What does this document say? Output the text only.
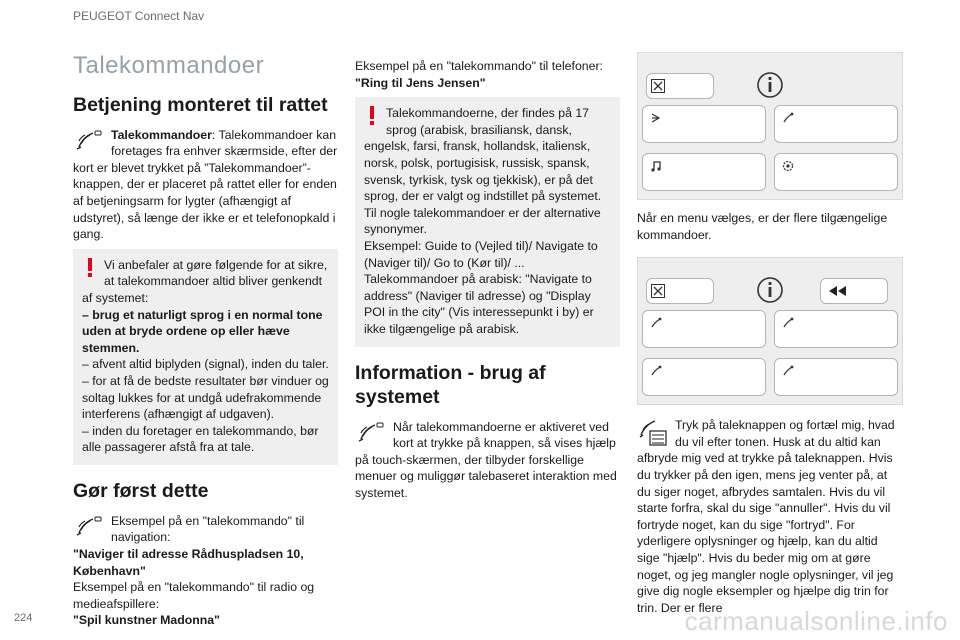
PEUGEOT Connect Nav
Talekommandoer
Betjening monteret til rattet
Talekommandoer: Talekommandoer kan foretages fra enhver skærmside, efter der kort er blevet trykket på ”Talekommandoer”-knappen, der er placeret på rattet eller for enden af betjeningsarm for lygter (afhængigt af udstyret), så længe der ikke er et telefonopkald i gang.
Vi anbefaler at gøre følgende for at sikre, at talekommandoer altid bliver genkendt af systemet:
– brug et naturligt sprog i en normal tone uden at bryde ordene op eller hæve stemmen.
– afvent altid biplyden (signal), inden du taler.
– for at få de bedste resultater bør vinduer og soltag lukkes for at undgå udefrakommende interferens (afhængigt af udgaven).
– inden du foretager en talekommando, bør alle passagerer afstå fra at tale.
Gør først dette
Eksempel på en "talekommando" til navigation:
"Naviger til adresse Rådhuspladsen 10, København"
Eksempel på en "talekommando" til radio og medieafspillere:
"Spil kunstner Madonna"
Eksempel på en "talekommando" til telefoner:
"Ring til Jens Jensen"
Talekommandoerne, der findes på 17 sprog (arabisk, brasiliansk, dansk, engelsk, farsi, fransk, hollandsk, italiensk, norsk, polsk, portugisisk, russisk, spansk, svensk, tyrkisk, tysk og tjekkisk), er på det sprog, der er valgt og indstillet på systemet.
Til nogle talekommandoer er der alternative synonymer.
Eksempel: Guide to (Vejled til)/ Navigate to (Naviger til)/ Go to (Kør til)/ ...
Talekommandoer på arabisk: "Navigate to address" (Naviger til adresse) og "Display POI in the city" (Vis interessepunkt i by) er ikke tilgængelige på arabisk.
Information - brug af systemet
Når talekommandoerne er aktiveret ved kort at trykke på knappen, så vises hjælp på touch-skærmen, der tilbyder forskellige menuer og muliggør talebaseret interaktion med systemet.
Når en menu vælges, er der flere tilgængelige kommandoer.
Tryk på taleknappen og fortæl mig, hvad du vil efter tonen. Husk at du altid kan afbryde mig ved at trykke på taleknappen. Hvis du trykker på den igen, mens jeg venter på, at du siger noget, afbrydes samtalen. Hvis du vil starte forfra, skal du sige "annuller". Hvis du vil fortryde noget, kan du sige "fortryd". For yderligere oplysninger og hjælp, kan du altid sige "hjælp". Hvis du beder mig om at gøre noget, og jeg mangler nogle oplysninger, vil jeg give dig nogle eksempler og hjælpe dig trin for trin. Der er flere
224	carmanualsonline.info
